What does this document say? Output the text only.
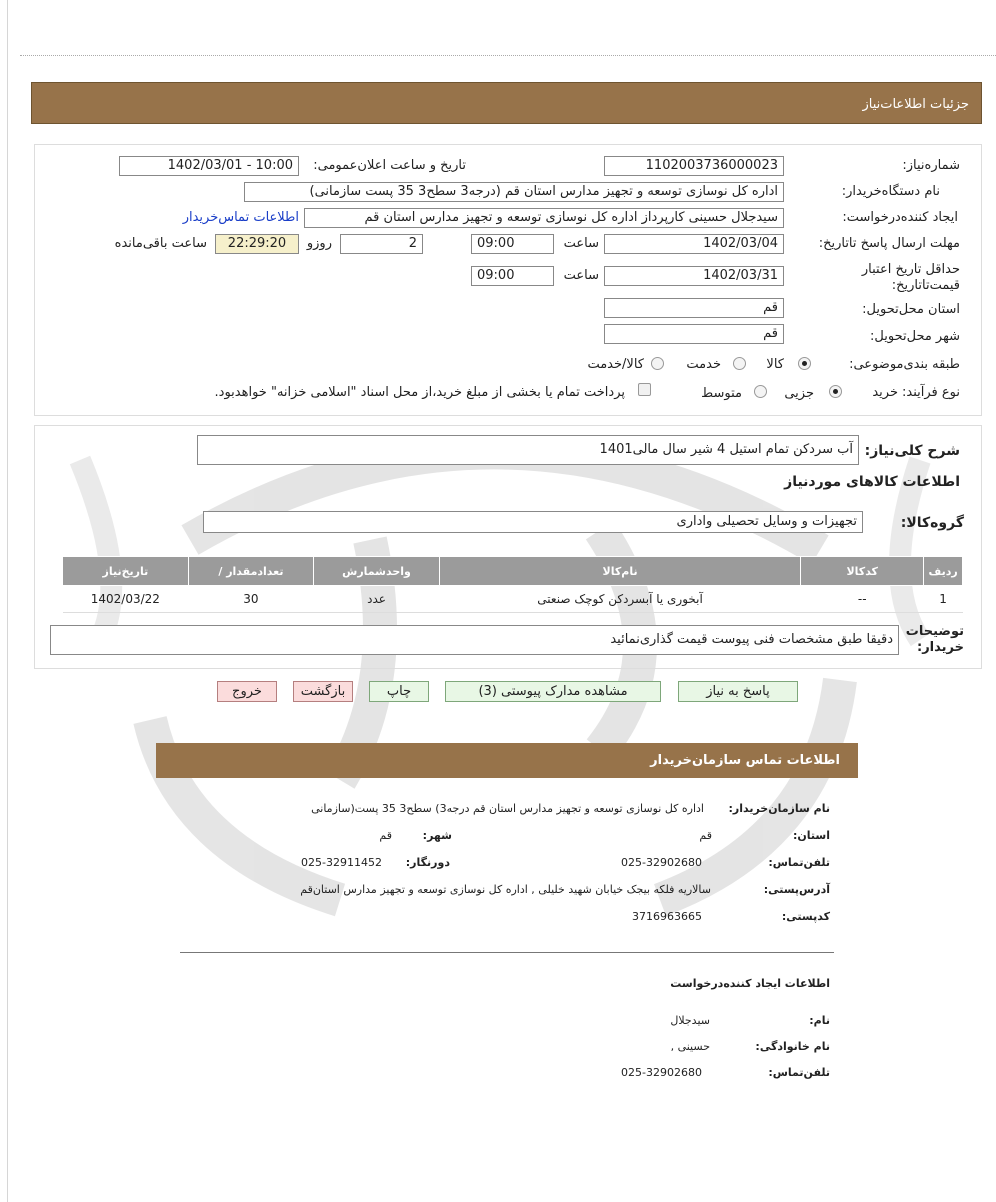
جزئیات اطلاعات‌نیاز
شماره‌نیاز:
1102003736000023
تاریخ و ساعت اعلان‌عمومی:
1402/03/01 - 10:00
نام دستگاه‌خریدار:
اداره کل نوسازی توسعه و تجهیز مدارس استان قم (درجه3 سطح3 35 پست سازمانی)
ایجاد کننده‌درخواست:
سیدجلال حسینی کارپرداز اداره کل نوسازی توسعه و تجهیز مدارس استان قم
اطلاعات تماس‌خریدار
مهلت ارسال پاسخ تا‌تاریخ:
1402/03/04
ساعت
09:00
2
روزو
22:29:20
ساعت باقی‌مانده
حداقل تاریخ اعتبار قیمت‌تا‌تاریخ:
1402/03/31
ساعت
09:00
استان محل‌تحویل:
قم
شهر محل‌تحویل:
قم
طبقه بندی‌موضوعی:
کالا
خدمت
کالا/خدمت
نوع فرآیند:
خرید
جزیی
متوسط
پرداخت تمام یا بخشی از مبلغ خرید،از محل اسناد "اسلامی خزانه" خواهد‌بود.
شرح کلی‌نیاز:
آب سردکن تمام استیل 4 شیر سال مالی1401
اطلاعات کالاهای موردنیاز
گروه‌کالا:
تجهیزات و وسایل تحصیلی واداری
ردیف	کدکالا	نام‌کالا	واحدشمارش	تعدادمقدار /	تاریخ‌نیاز
1	--	آبخوری یا آبسردکن کوچک صنعتی	عدد	30	1402/03/22
توضیحات خریدار:
دقیقا طبق مشخصات فنی پیوست قیمت گذاری‌نمائید
پاسخ به نیاز
مشاهده مدارک پیوستی (3)
چاپ
بازگشت
خروج
اطلاعات تماس سازمان‌خریدار
نام سازمان‌خریدار:
اداره کل نوسازی توسعه و تجهیز مدارس استان قم درجه3) سطح3 35 پست(سازمانی
استان:
قم
شهر:
قم
تلفن‌تماس:
025-32902680
دورنگار:
025-32911452
آدرس‌پستی:
سالاریه فلکه بیجک خیابان شهید خلیلی , اداره کل نوسازی توسعه و تجهیز مدارس استان‌قم
کد‌پستی:
3716963665
اطلاعات ایجاد کننده‌درخواست
نام:
سیدجلال
نام خانوادگی:
حسینی ,
تلفن‌تماس:
025-32902680
